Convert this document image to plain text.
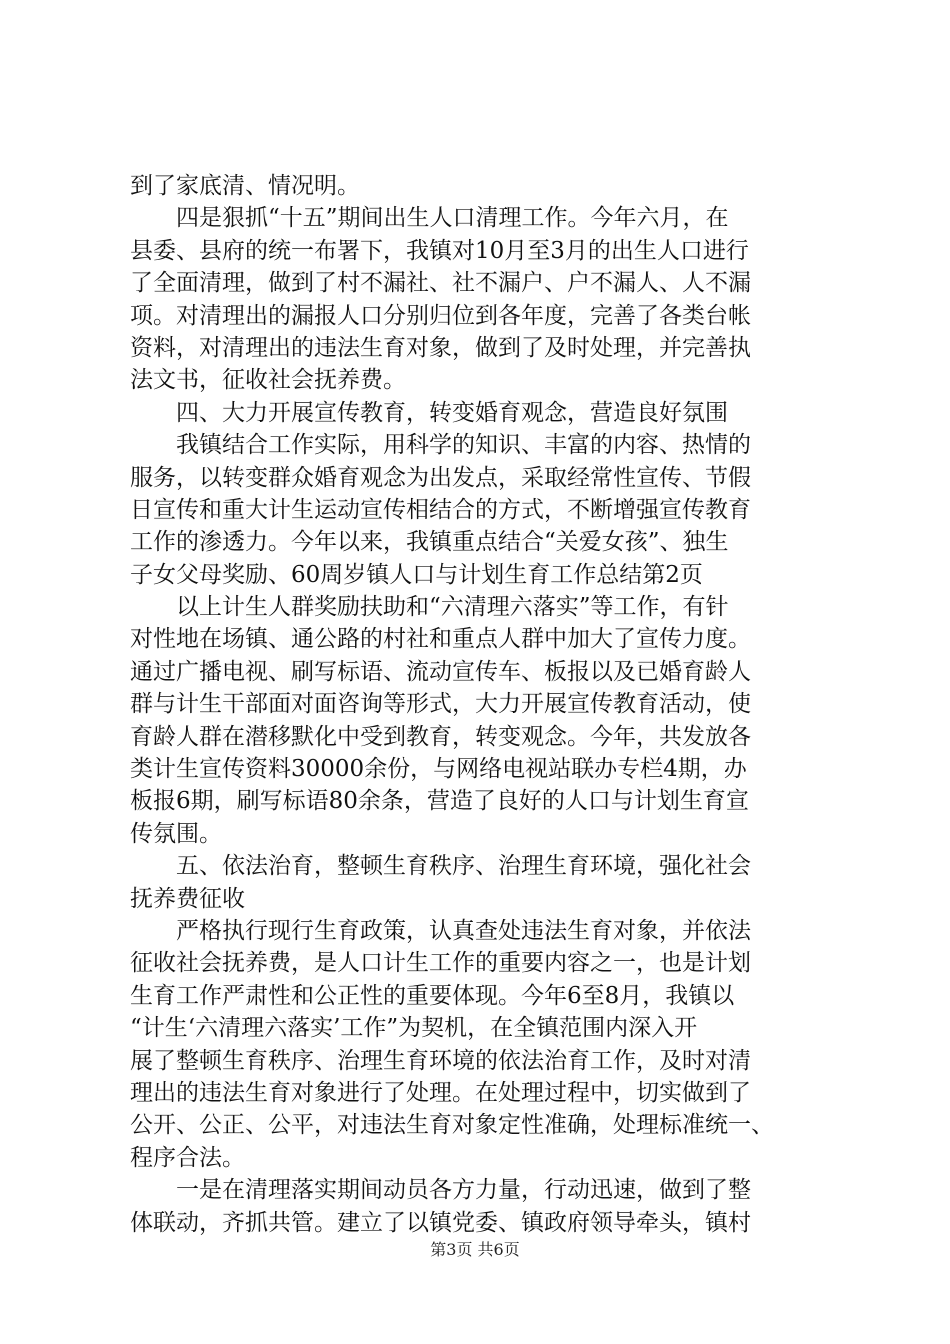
到了家底清、情况明。
　　四是狠抓“十五”期间出生人口清理工作。今年六月，在
县委、县府的统一布署下，我镇对10月至3月的出生人口进行
了全面清理，做到了村不漏社、社不漏户、户不漏人、人不漏
项。对清理出的漏报人口分别归位到各年度，完善了各类台帐
资料，对清理出的违法生育对象，做到了及时处理，并完善执
法文书，征收社会抚养费。
　　四、大力开展宣传教育，转变婚育观念，营造良好氛围
　　我镇结合工作实际，用科学的知识、丰富的内容、热情的
服务，以转变群众婚育观念为出发点，采取经常性宣传、节假
日宣传和重大计生运动宣传相结合的方式，不断增强宣传教育
工作的渗透力。今年以来，我镇重点结合“关爱女孩”、独生
子女父母奖励、60周岁镇人口与计划生育工作总结第2页
　　以上计生人群奖励扶助和“六清理六落实”等工作，有针
对性地在场镇、通公路的村社和重点人群中加大了宣传力度。
通过广播电视、刷写标语、流动宣传车、板报以及已婚育龄人
群与计生干部面对面咨询等形式，大力开展宣传教育活动，使
育龄人群在潜移默化中受到教育，转变观念。今年，共发放各
类计生宣传资料30000余份，与网络电视站联办专栏4期，办
板报6期，刷写标语80余条，营造了良好的人口与计划生育宣
传氛围。
　　五、依法治育，整顿生育秩序、治理生育环境，强化社会
抚养费征收
　　严格执行现行生育政策，认真查处违法生育对象，并依法
征收社会抚养费，是人口计生工作的重要内容之一，也是计划
生育工作严肃性和公正性的重要体现。今年6至8月，我镇以
“计生‘六清理六落实’工作”为契机，在全镇范围内深入开
展了整顿生育秩序、治理生育环境的依法治育工作，及时对清
理出的违法生育对象进行了处理。在处理过程中，切实做到了
公开、公正、公平，对违法生育对象定性准确，处理标准统一、
程序合法。
　　一是在清理落实期间动员各方力量，行动迅速，做到了整
体联动，齐抓共管。建立了以镇党委、镇政府领导牵头，镇村
第3页 共6页
